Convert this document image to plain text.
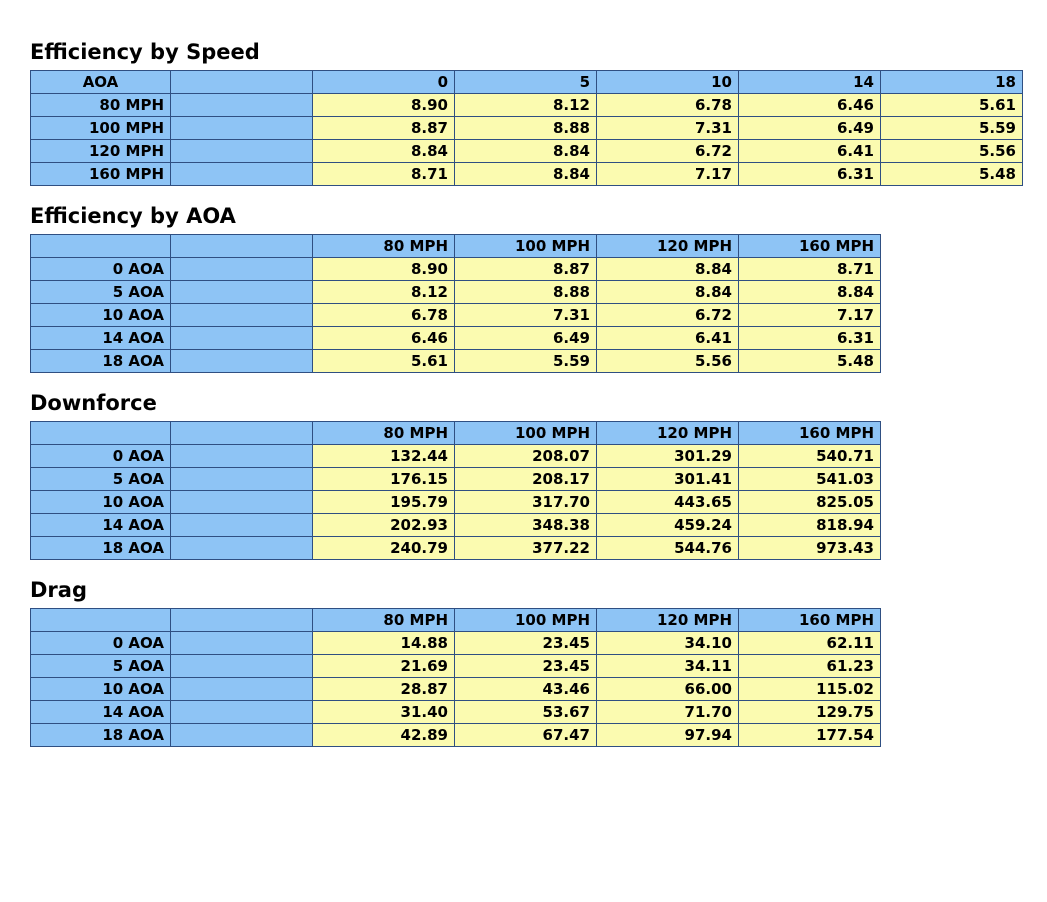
Efficiency by Speed
AOA		0	5	10	14	18
80 MPH		8.90	8.12	6.78	6.46	5.61
100 MPH		8.87	8.88	7.31	6.49	5.59
120 MPH		8.84	8.84	6.72	6.41	5.56
160 MPH		8.71	8.84	7.17	6.31	5.48
Efficiency by AOA
		80 MPH	100 MPH	120 MPH	160 MPH
0 AOA		8.90	8.87	8.84	8.71
5 AOA		8.12	8.88	8.84	8.84
10 AOA		6.78	7.31	6.72	7.17
14 AOA		6.46	6.49	6.41	6.31
18 AOA		5.61	5.59	5.56	5.48
Downforce
		80 MPH	100 MPH	120 MPH	160 MPH
0 AOA		132.44	208.07	301.29	540.71
5 AOA		176.15	208.17	301.41	541.03
10 AOA		195.79	317.70	443.65	825.05
14 AOA		202.93	348.38	459.24	818.94
18 AOA		240.79	377.22	544.76	973.43
Drag
		80 MPH	100 MPH	120 MPH	160 MPH
0 AOA		14.88	23.45	34.10	62.11
5 AOA		21.69	23.45	34.11	61.23
10 AOA		28.87	43.46	66.00	115.02
14 AOA		31.40	53.67	71.70	129.75
18 AOA		42.89	67.47	97.94	177.54
